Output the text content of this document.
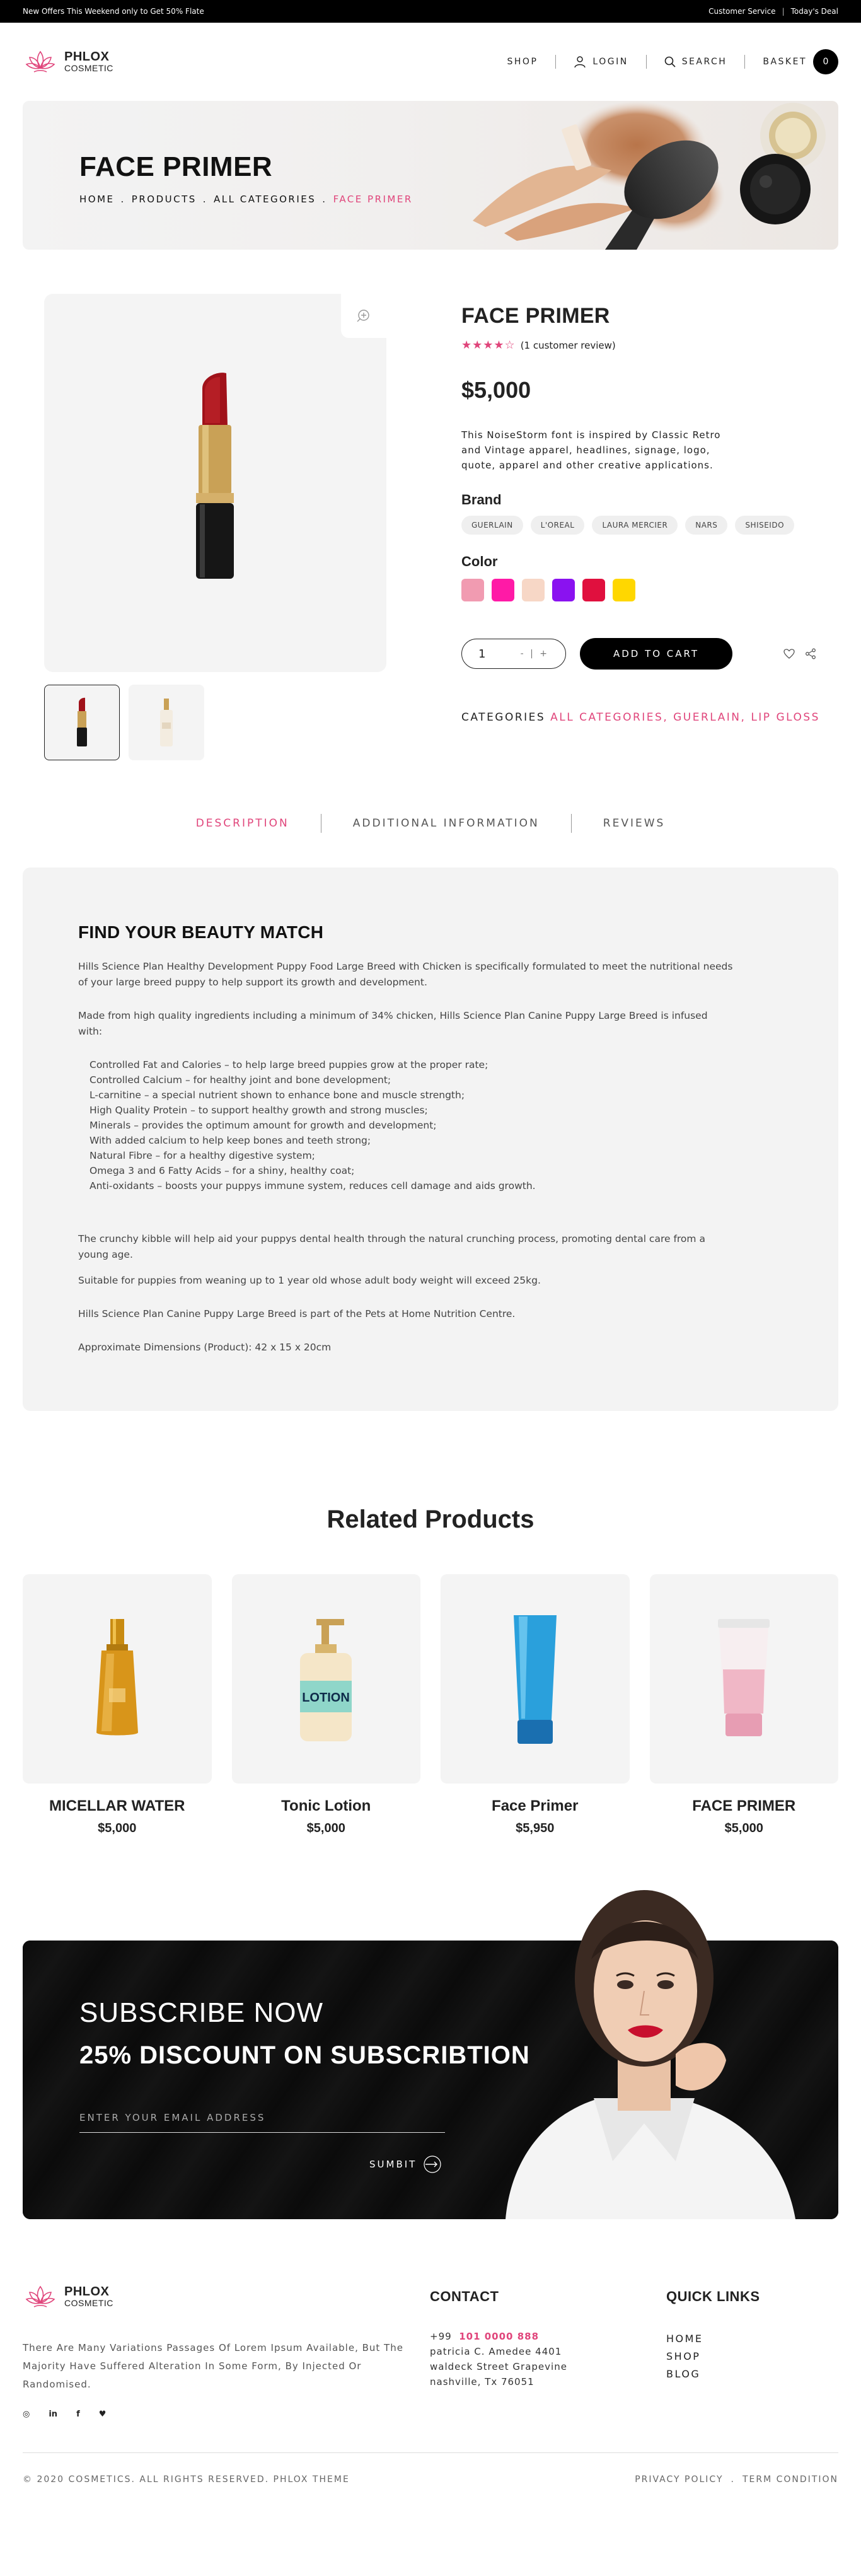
New Offers This Weekend only to Get 50% Flate	Customer Service | Today's Deal
PHLOX
COSMETIC
SHOP	LOGIN	SEARCH	BASKET	0
FACE PRIMER
HOME . PRODUCTS . ALL CATEGORIES . FACE PRIMER
FACE PRIMER
★★★★☆ (1 customer review)
$5,000
This NoiseStorm font is inspired by Classic Retro and Vintage apparel, headlines, signage, logo, quote, apparel and other creative applications.
Brand
GUERLAIN	L'OREAL	LAURA MERCIER	NARS	SHISEIDO
Color
1	- | +	ADD TO CART
CATEGORIES ALL CATEGORIES, GUERLAIN, LIP GLOSS
DESCRIPTION	ADDITIONAL INFORMATION	REVIEWS
FIND YOUR BEAUTY MATCH

Hills Science Plan Healthy Development Puppy Food Large Breed with Chicken is specifically formulated to meet the nutritional needs of your large breed puppy to help support its growth and development.

Made from high quality ingredients including a minimum of 34% chicken, Hills Science Plan Canine Puppy Large Breed is infused with:

Controlled Fat and Calories – to help large breed puppies grow at the proper rate;
Controlled Calcium – for healthy joint and bone development;
L-carnitine – a special nutrient shown to enhance bone and muscle strength;
High Quality Protein – to support healthy growth and strong muscles;
Minerals – provides the optimum amount for growth and development;
With added calcium to help keep bones and teeth strong;
Natural Fibre – for a healthy digestive system;
Omega 3 and 6 Fatty Acids – for a shiny, healthy coat;
Anti-oxidants – boosts your puppys immune system, reduces cell damage and aids growth.

The crunchy kibble will help aid your puppys dental health through the natural crunching process, promoting dental care from a young age.

Suitable for puppies from weaning up to 1 year old whose adult body weight will exceed 25kg.

Hills Science Plan Canine Puppy Large Breed is part of the Pets at Home Nutrition Centre.

Approximate Dimensions (Product): 42 x 15 x 20cm

Related Products
MICELLAR WATER
$5,000
LOTION
Tonic Lotion
$5,000
Face Primer
$5,950
FACE PRIMER
$5,000
SUBSCRIBE NOW
25% DISCOUNT ON SUBSCRIBTION
ENTER YOUR EMAIL ADDRESS
SUMBIT
PHLOX
COSMETIC
There Are Many Variations Passages Of Lorem Ipsum Available, But The Majority Have Suffered Alteration In Some Form, By Injected Or Randomised.
◎ in f ♥
CONTACT
+99 101 0000 888
patricia C. Amedee 4401
waldeck Street Grapevine
nashville, Tx 76051
QUICK LINKS
HOME
SHOP
BLOG
© 2020 COSMETICS. ALL RIGHTS RESERVED. PHLOX THEME	PRIVACY POLICY . TERM CONDITION
